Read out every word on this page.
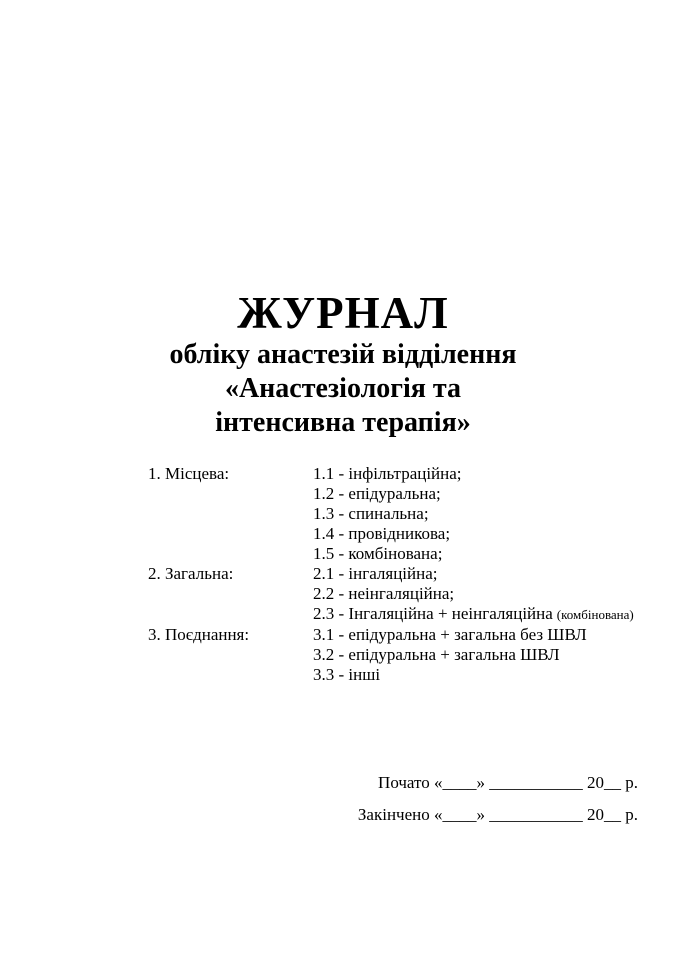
ЖУРНАЛ
обліку анастезій відділення
«Анастезіологія та
інтенсивна терапія»
1. Місцева:	1.1 - інфільтраційна;
1.2 - епідуральна;
1.3 - спинальна;
1.4 - провідникова;
1.5 - комбінована;
2. Загальна:	2.1 - інгаляційна;
2.2 - неінгаляційна;
2.3 - Інгаляційна + неінгаляційна (комбінована)
3. Поєднання:	3.1 - епідуральна + загальна без ШВЛ
3.2 - епідуральна + загальна ШВЛ
3.3 - інші
Почато «____» ___________ 20__ р.
Закінчено «____» ___________ 20__ р.
